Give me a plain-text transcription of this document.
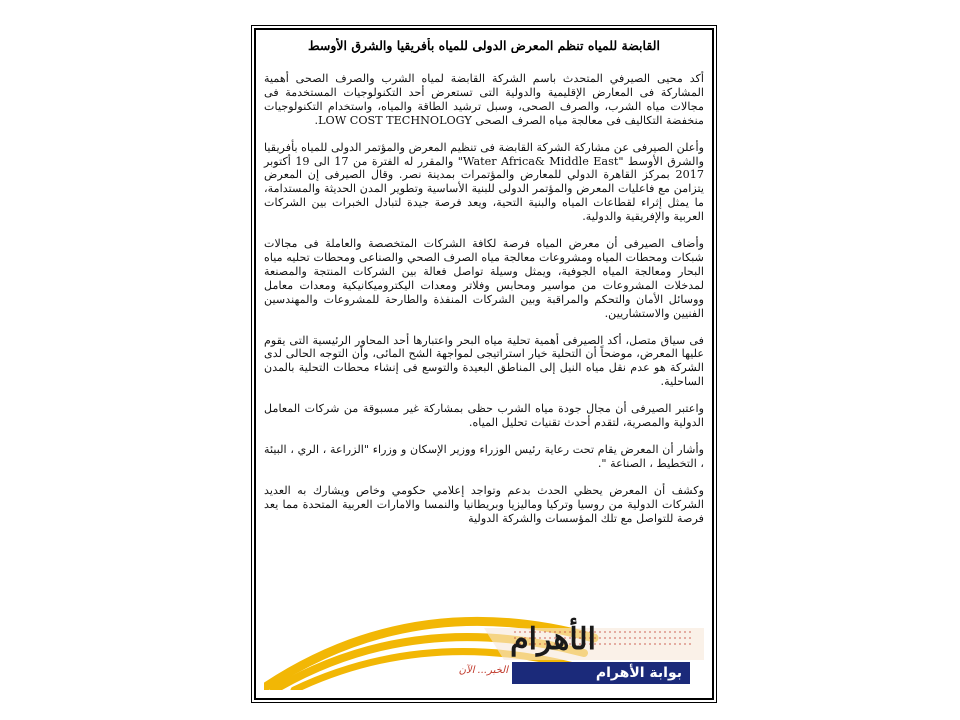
القابضة للمياه تنظم المعرض الدولى للمياه بأفريقيا والشرق الأوسط

أكد محيى الصيرفي المتحدث باسم الشركة القابضة لمياه الشرب والصرف الصحى أهمية المشاركة فى المعارض الإقليمية والدولية التى تستعرض أحد التكنولوجيات المستخدمة فى مجالات مياه الشرب، والصرف الصحى، وسبل ترشيد الطاقة والمياه، واستخدام التكنولوجيات منخفضة التكاليف فى معالجة مياه الصرف الصحى LOW COST TECHNOLOGY.

وأعلن الصيرفى عن مشاركة الشركة القابضة فى تنظيم المعرض والمؤتمر الدولى للمياه بأفريقيا والشرق الأوسط "Water Africa& Middle East" والمقرر له الفترة من 17 الى 19 أكتوبر 2017 بمركز القاهرة الدولي للمعارض والمؤتمرات بمدينة نصر. وقال الصيرفى إن المعرض يتزامن مع فاعليات المعرض والمؤتمر الدولى للبنية الأساسية وتطوير المدن الحديثة والمستدامة، ما يمثل إثراء لقطاعات المياه والبنية التحية، ويعد فرصة جيدة لتبادل الخبرات بين الشركات العربية والإفريقية والدولية.

وأضاف الصيرفى أن معرض المياه فرصة لكافة الشركات المتخصصة والعاملة فى مجالات شبكات ومحطات المياه ومشروعات معالجة مياه الصرف الصحي والصناعى ومحطات تحليه مياه البحار ومعالجة المياه الجوفية، ويمثل وسيلة تواصل فعالة بين الشركات المنتجة والمصنعة لمدخلات المشروعات من مواسير ومحابس وفلاتر ومعدات اليكتروميكانيكية ومعدات معامل ووسائل الأمان والتحكم والمراقبة وبين الشركات المنفذة والطارحة للمشروعات والمهندسين الفنيين والاستشاريين.

فى سياق متصل، أكد الصيرفى أهمية تحلية مياه البحر واعتبارها أحد المحاور الرئيسية التى يقوم عليها المعرض، موضحاً أن التحلية خيار استراتيجى لمواجهة الشح المائى، وأن التوجه الحالى لدى الشركة هو عدم نقل مياه النيل إلى المناطق البعيدة والتوسع فى إنشاء محطات التحلية بالمدن الساحلية.

واعتبر الصيرفى أن مجال جودة مياه الشرب حظى بمشاركة غير مسبوقة من شركات المعامل الدولية والمصرية، لتقدم أحدث تقنيات تحليل المياه.

وأشار أن المعرض يقام تحت رعاية رئيس الوزراء ووزير الإسكان و وزراء "الزراعة ، الري ، البيئة ، التخطيط ، الصناعة ".

وكشف أن المعرض يحظي الحدث بدعم وتواجد إعلامي حكومي وخاص ويشارك به العديد الشركات الدولية من روسيا وتركيا وماليزيا وبريطانيا والنمسا والامارات العربية المتحدة مما يعد فرصة للتواصل مع تلك المؤسسات والشركة الدولية

الأهرام
بوابة الأهرام
الخبر... الآن
